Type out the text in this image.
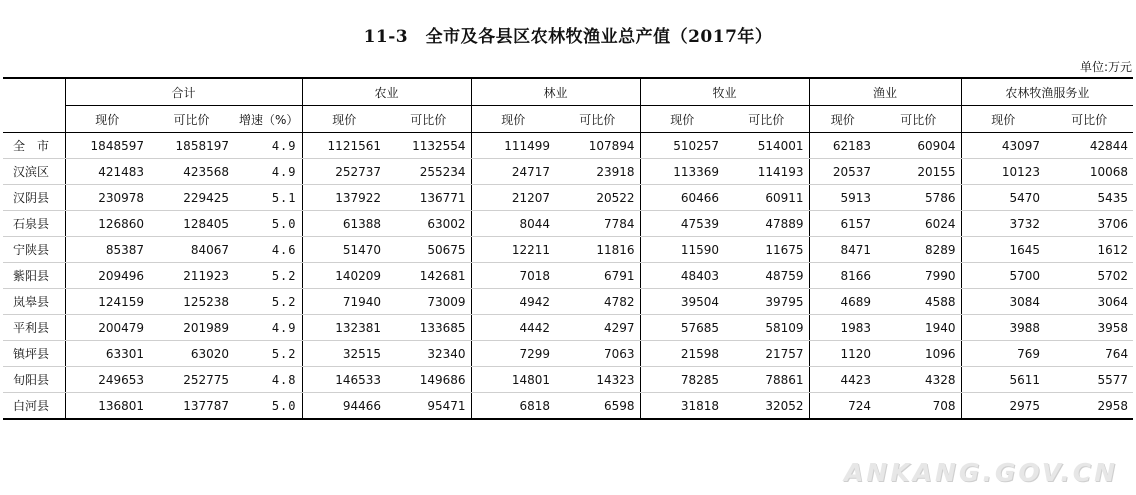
11-3　全市及各县区农林牧渔业总产值（2017年）
单位:万元
	合计			农业		林业		牧业		渔业		农林牧渔服务业	
	现价	可比价	增速（%）	现价	可比价	现价	可比价	现价	可比价	现价	可比价	现价	可比价
全　市	1848597	1858197	4.9	1121561	1132554	111499	107894	510257	514001	62183	60904	43097	42844
汉滨区	421483	423568	4.9	252737	255234	24717	23918	113369	114193	20537	20155	10123	10068
汉阴县	230978	229425	5.1	137922	136771	21207	20522	60466	60911	5913	5786	5470	5435
石泉县	126860	128405	5.0	61388	63002	8044	7784	47539	47889	6157	6024	3732	3706
宁陕县	85387	84067	4.6	51470	50675	12211	11816	11590	11675	8471	8289	1645	1612
紫阳县	209496	211923	5.2	140209	142681	7018	6791	48403	48759	8166	7990	5700	5702
岚皋县	124159	125238	5.2	71940	73009	4942	4782	39504	39795	4689	4588	3084	3064
平利县	200479	201989	4.9	132381	133685	4442	4297	57685	58109	1983	1940	3988	3958
镇坪县	63301	63020	5.2	32515	32340	7299	7063	21598	21757	1120	1096	769	764
旬阳县	249653	252775	4.8	146533	149686	14801	14323	78285	78861	4423	4328	5611	5577
白河县	136801	137787	5.0	94466	95471	6818	6598	31818	32052	724	708	2975	2958
ANKANG.GOV.CN
